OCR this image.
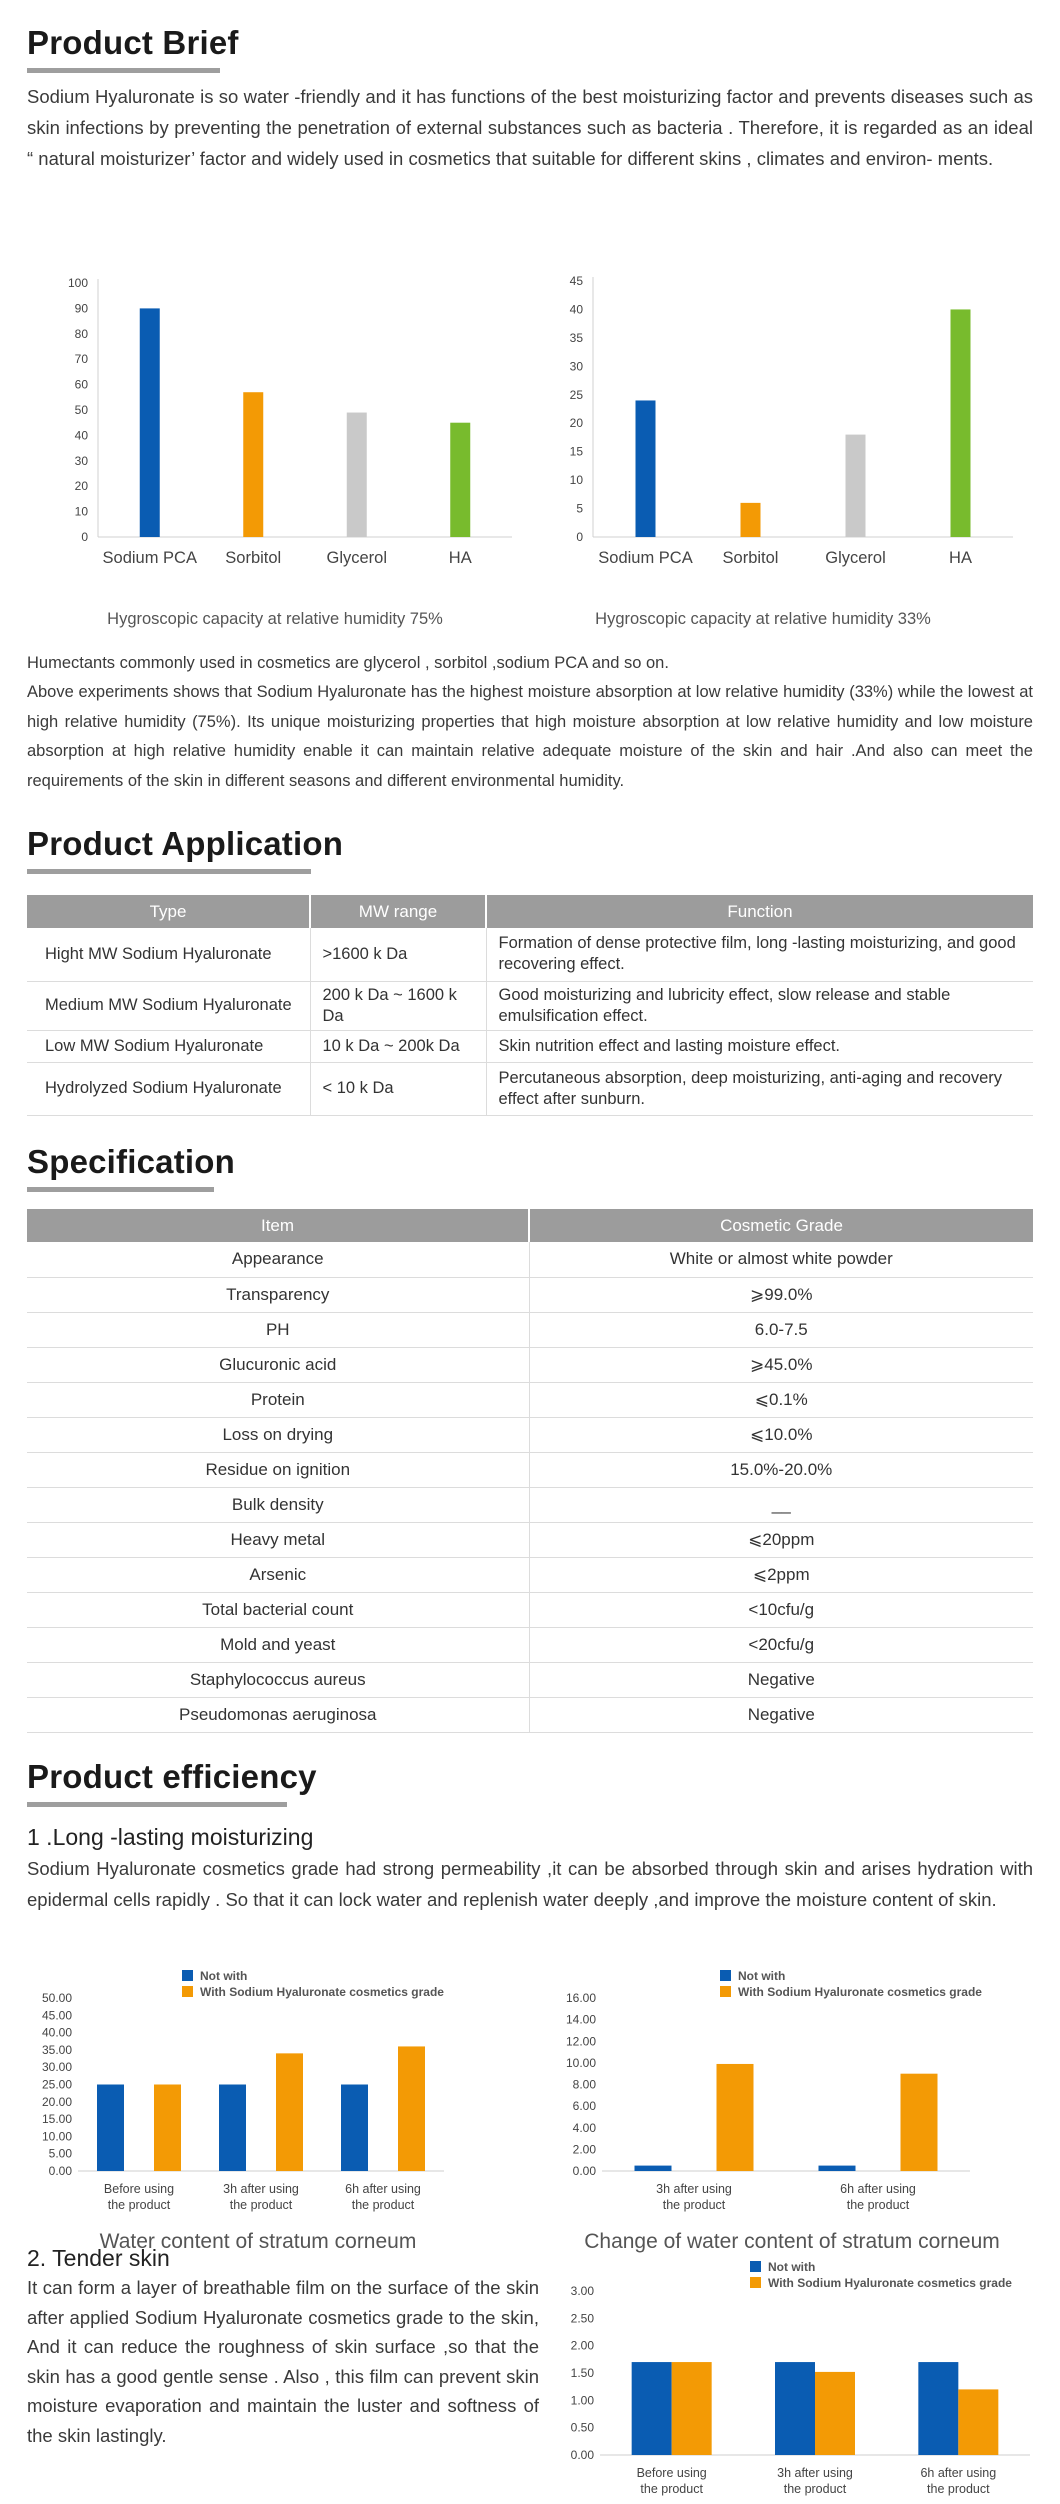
Product Brief

Sodium Hyaluronate is so water -friendly and it has functions of the best moisturizing factor and prevents diseases such as skin infections by preventing the penetration of external substances such as bacteria . Therefore, it is regarded as an ideal “ natural moisturizer’ factor and widely used in cosmetics that suitable for different skins , climates and environ- ments.

0
10
20
30
40
50
60
70
80
90
100
Sodium PCA Sorbitol	Glycerol	HA
Hygroscopic capacity at relative humidity 75%
0
5
10
15
20
25
30
35
40
45
Sodium PCA Sorbitol	Glycerol	HA
Hygroscopic capacity at relative humidity 33%

Humectants commonly used in cosmetics are glycerol , sorbitol ,sodium PCA and so on.

Above experiments shows that Sodium Hyaluronate has the highest moisture absorption at low relative humidity (33%) while the lowest at high relative humidity (75%). Its unique moisturizing properties that high moisture absorption at low relative humidity and low moisture absorption at high relative humidity enable it can maintain relative adequate moisture of the skin and hair .And also can meet the requirements of the skin in different seasons and different environmental humidity.

Product Application
Type	MW range	Function
Hight MW Sodium Hyaluronate	>1600 k Da	Formation of dense protective film, long -lasting moisturizing, and good recovering effect.
Medium MW Sodium Hyaluronate	200 k Da ~ 1600 k Da	Good moisturizing and lubricity effect, slow release and stable emulsification effect.
Low MW Sodium Hyaluronate	10 k Da ~ 200k Da	Skin nutrition effect and lasting moisture effect.
Hydrolyzed Sodium Hyaluronate	< 10 k Da	Percutaneous absorption, deep moisturizing, anti-aging and recovery effect after sunburn.
Specification
Item	Cosmetic Grade
Appearance	White or almost white powder
Transparency	⩾99.0%
PH	6.0-7.5
Glucuronic acid	⩾45.0%
Protein	⩽0.1%
Loss on drying	⩽10.0%
Residue on ignition	15.0%-20.0%
Bulk density	__
Heavy metal	⩽20ppm
Arsenic	⩽2ppm
Total bacterial count	<10cfu/g
Mold and yeast	<20cfu/g
Staphylococcus aureus	Negative
Pseudomonas aeruginosa	Negative
Product efficiency
1 .Long -lasting moisturizing

Sodium Hyaluronate cosmetics grade had strong permeability ,it can be absorbed through skin and arises hydration with epidermal cells rapidly . So that it can lock water and replenish water deeply ,and improve the moisture content of skin.

0.00
5.00
10.00
15.00
20.00
25.00
30.00
35.00
40.00
45.00
50.00
Not with
With Sodium Hyaluronate cosmetics grade
Before using
the product
3h after using
the product
6h after using
the product
Water content of stratum corneum
0.00
2.00
4.00
6.00
8.00
10.00
12.00
14.00
16.00
Not with
With Sodium Hyaluronate cosmetics grade
3h after using
the product
6h after using
the product
Change of water content of stratum corneum
2. Tender skin

It can form a layer of breathable film on the surface of the skin after applied Sodium Hyaluronate cosmetics grade to the skin, And it can reduce the roughness of skin surface ,so that the skin has a good gentle sense . Also , this film can prevent skin moisture evaporation and maintain the luster and softness of the skin lastingly.

0.00
0.50
1.00
1.50
2.00
2.50
3.00
Not with
With Sodium Hyaluronate cosmetics grade
Before using
the product
3h after using
the product
6h after using
the product
